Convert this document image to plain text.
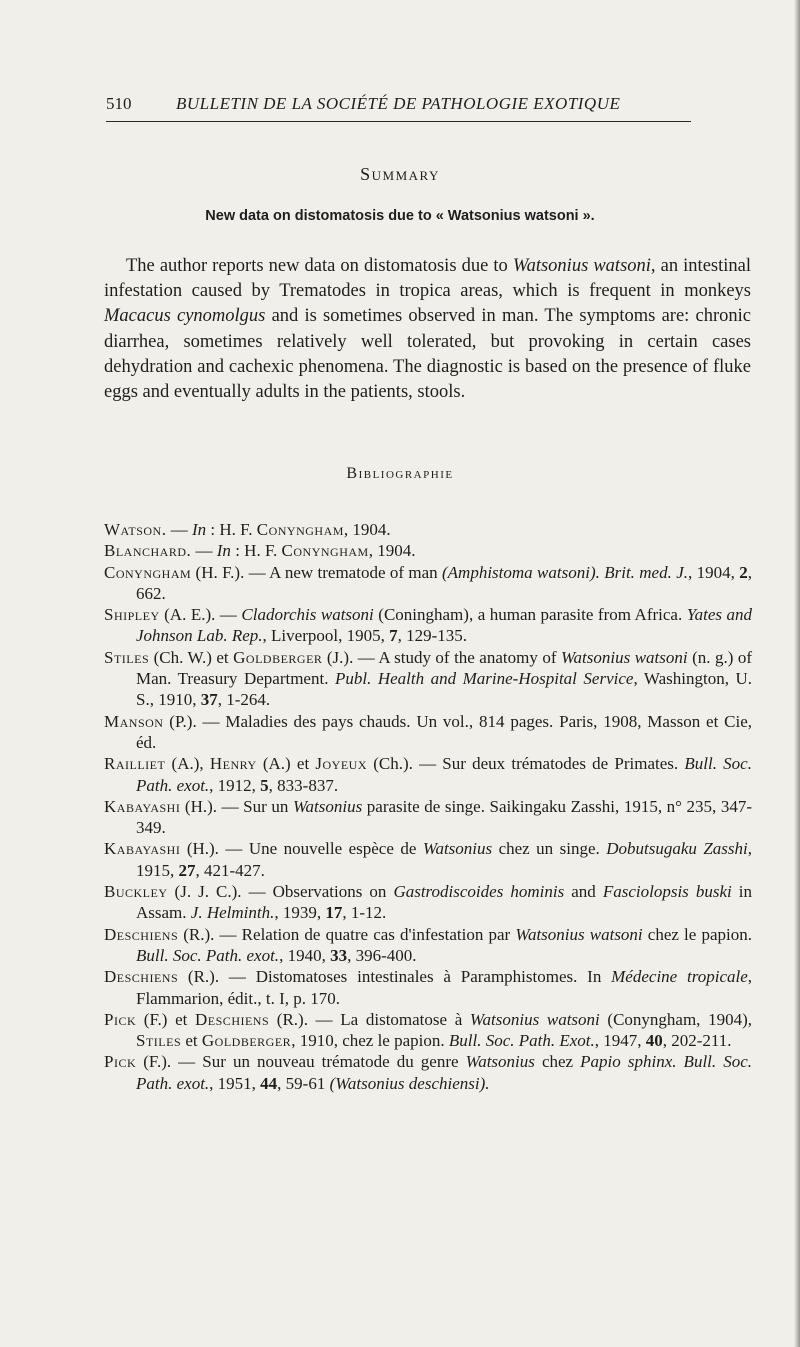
510	BULLETIN DE LA SOCIÉTÉ DE PATHOLOGIE EXOTIQUE
Summary
New data on distomatosis due to « Watsonius watsoni ».

The author reports new data on distomatosis due to Watsonius watsoni, an intestinal infestation caused by Trematodes in tropica areas, which is frequent in monkeys Macacus cynomolgus and is sometimes observed in man. The symptoms are: chronic diarrhea, sometimes relatively well tolerated, but provoking in certain cases dehydration and cachexic phenomena. The diagnostic is based on the presence of fluke eggs and eventually adults in the patients, stools.

Bibliographie
Watson. — In : H. F. Conyngham, 1904.
Blanchard. — In : H. F. Conyngham, 1904.
Conyngham (H. F.). — A new trematode of man (Amphistoma watsoni). Brit. med. J., 1904, 2, 662.
Shipley (A. E.). — Cladorchis watsoni (Coningham), a human parasite from Africa. Yates and Johnson Lab. Rep., Liverpool, 1905, 7, 129-135.
Stiles (Ch. W.) et Goldberger (J.). — A study of the anatomy of Watsonius watsoni (n. g.) of Man. Treasury Department. Publ. Health and Marine-Hospital Service, Washington, U. S., 1910, 37, 1-264.
Manson (P.). — Maladies des pays chauds. Un vol., 814 pages. Paris, 1908, Masson et Cie, éd.
Railliet (A.), Henry (A.) et Joyeux (Ch.). — Sur deux trématodes de Primates. Bull. Soc. Path. exot., 1912, 5, 833-837.
Kabayashi (H.). — Sur un Watsonius parasite de singe. Saikingaku Zasshi, 1915, n° 235, 347-349.
Kabayashi (H.). — Une nouvelle espèce de Watsonius chez un singe. Dobutsugaku Zasshi, 1915, 27, 421-427.
Buckley (J. J. C.). — Observations on Gastrodiscoides hominis and Fasciolopsis buski in Assam. J. Helminth., 1939, 17, 1-12.
Deschiens (R.). — Relation de quatre cas d'infestation par Watsonius watsoni chez le papion. Bull. Soc. Path. exot., 1940, 33, 396-400.
Deschiens (R.). — Distomatoses intestinales à Paramphistomes. In Médecine tropicale, Flammarion, édit., t. I, p. 170.
Pick (F.) et Deschiens (R.). — La distomatose à Watsonius watsoni (Conyngham, 1904), Stiles et Goldberger, 1910, chez le papion. Bull. Soc. Path. Exot., 1947, 40, 202-211.
Pick (F.). — Sur un nouveau trématode du genre Watsonius chez Papio sphinx. Bull. Soc. Path. exot., 1951, 44, 59-61 (Watsonius deschiensi).
